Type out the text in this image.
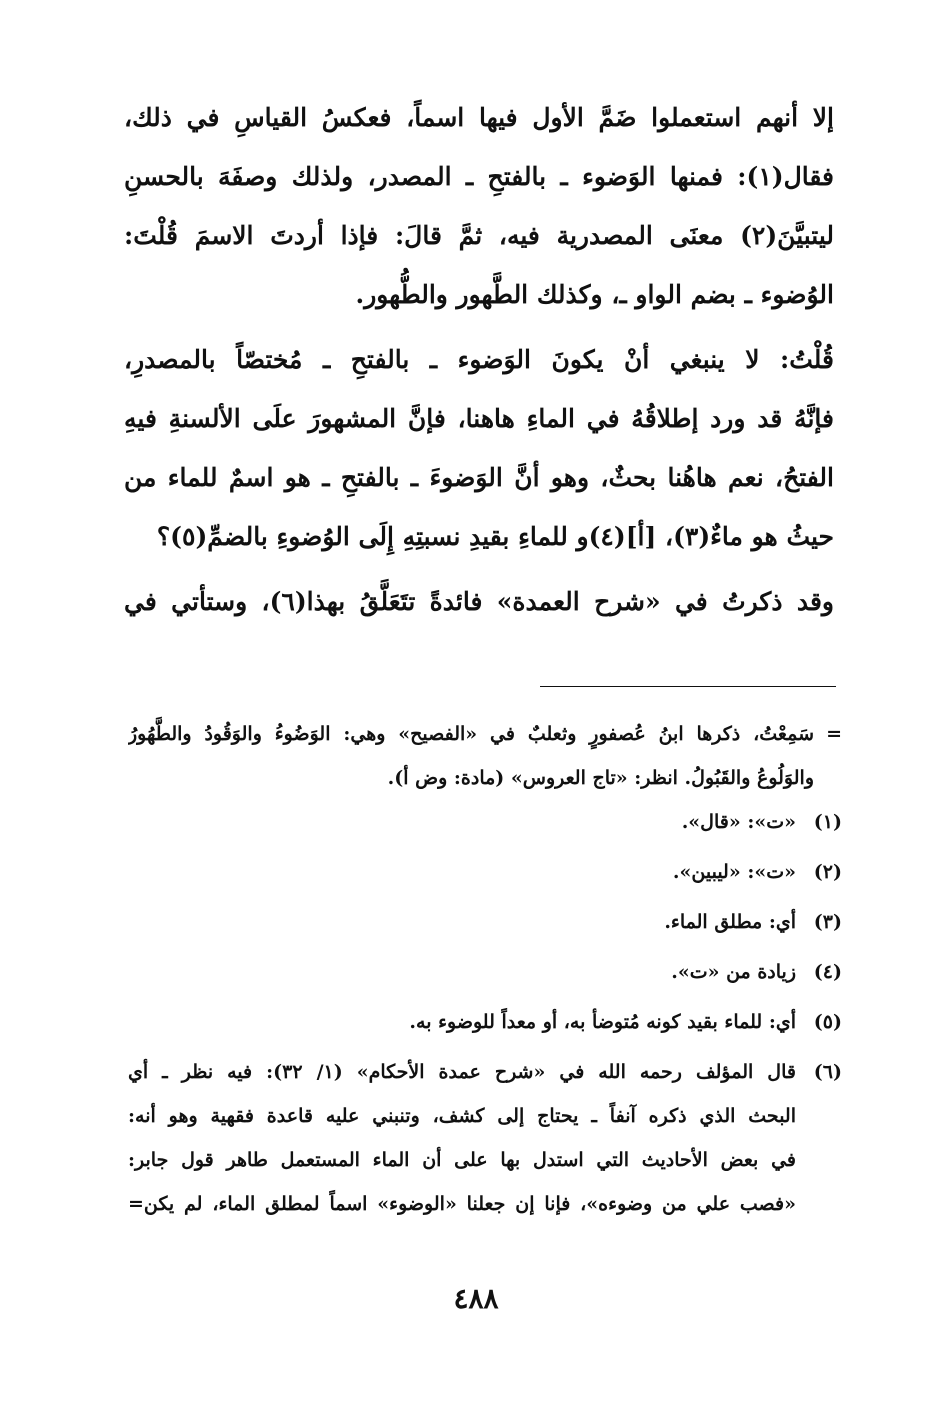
إلا أنهم استعملوا ضَمَّ الأول فيها اسماً، فعكسُ القياسِ في ذلك،
فقال(١): فمنها الوَضوء ـ بالفتحِ ـ المصدر، ولذلك وصفَهَ بالحسنِ
ليتبيَّنَ(٢) معنَى المصدرية فيه، ثمَّ قالَ: فإذا أردتَ الاسمَ قُلْتَ:
الوُضوء ـ بضم الواو ـ، وكذلك الطَّهور والطُّهور.
قُلْتُ: لا ينبغي أنْ يكونَ الوَضوء ـ بالفتحِ ـ مُختصّاً بالمصدرِ،
فإنَّهُ قد ورد إطلاقُهُ في الماءِ هاهنا، فإنَّ المشهورَ علَى الألسنةِ فيهِ
الفتحُ، نعم هاهُنا بحثٌ، وهو أنَّ الوَضوءَ ـ بالفتحِ ـ هو اسمٌ للماء من
حيثُ هو ماءٌ(٣)، [أ](٤)و للماءِ بقيدِ نسبتِهِ إِلَى الوُضوءِ بالضمِّ(٥)؟
وقد ذكرتُ في «شرح العمدة» فائدةً تتَعَلَّقُ بهذا(٦)، وستأتي في
=
سَمِعْتُ، ذكرها ابنُ عُصفورٍ وثعلبٌ في «الفصيح» وهي: الوَضُوءُ والوَقُودُ والطَّهُورُ
والوَلُوعُ والقَبُولُ. انظر: «تاج العروس» (مادة: وض أ).
(١)
«ت»: «قال».
(٢)
«ت»: «ليبين».
(٣)
أي: مطلق الماء.
(٤)
زيادة من «ت».
(٥)
أي: للماء بقيد كونه مُتوضأ به، أو معداً للوضوء به.
(٦)
قال المؤلف رحمه الله في «شرح عمدة الأحكام» (١/ ٣٢): فيه نظر ـ أي
البحث الذي ذكره آنفاً ـ يحتاج إلى كشف، وتنبني عليه قاعدة فقهية وهو أنه:
في بعض الأحاديث التي استدل بها على أن الماء المستعمل طاهر قول جابر:
«فصب علي من وضوءه»، فإنا إن جعلنا «الوضوء» اسماً لمطلق الماء، لم يكن=
٤٨٨
